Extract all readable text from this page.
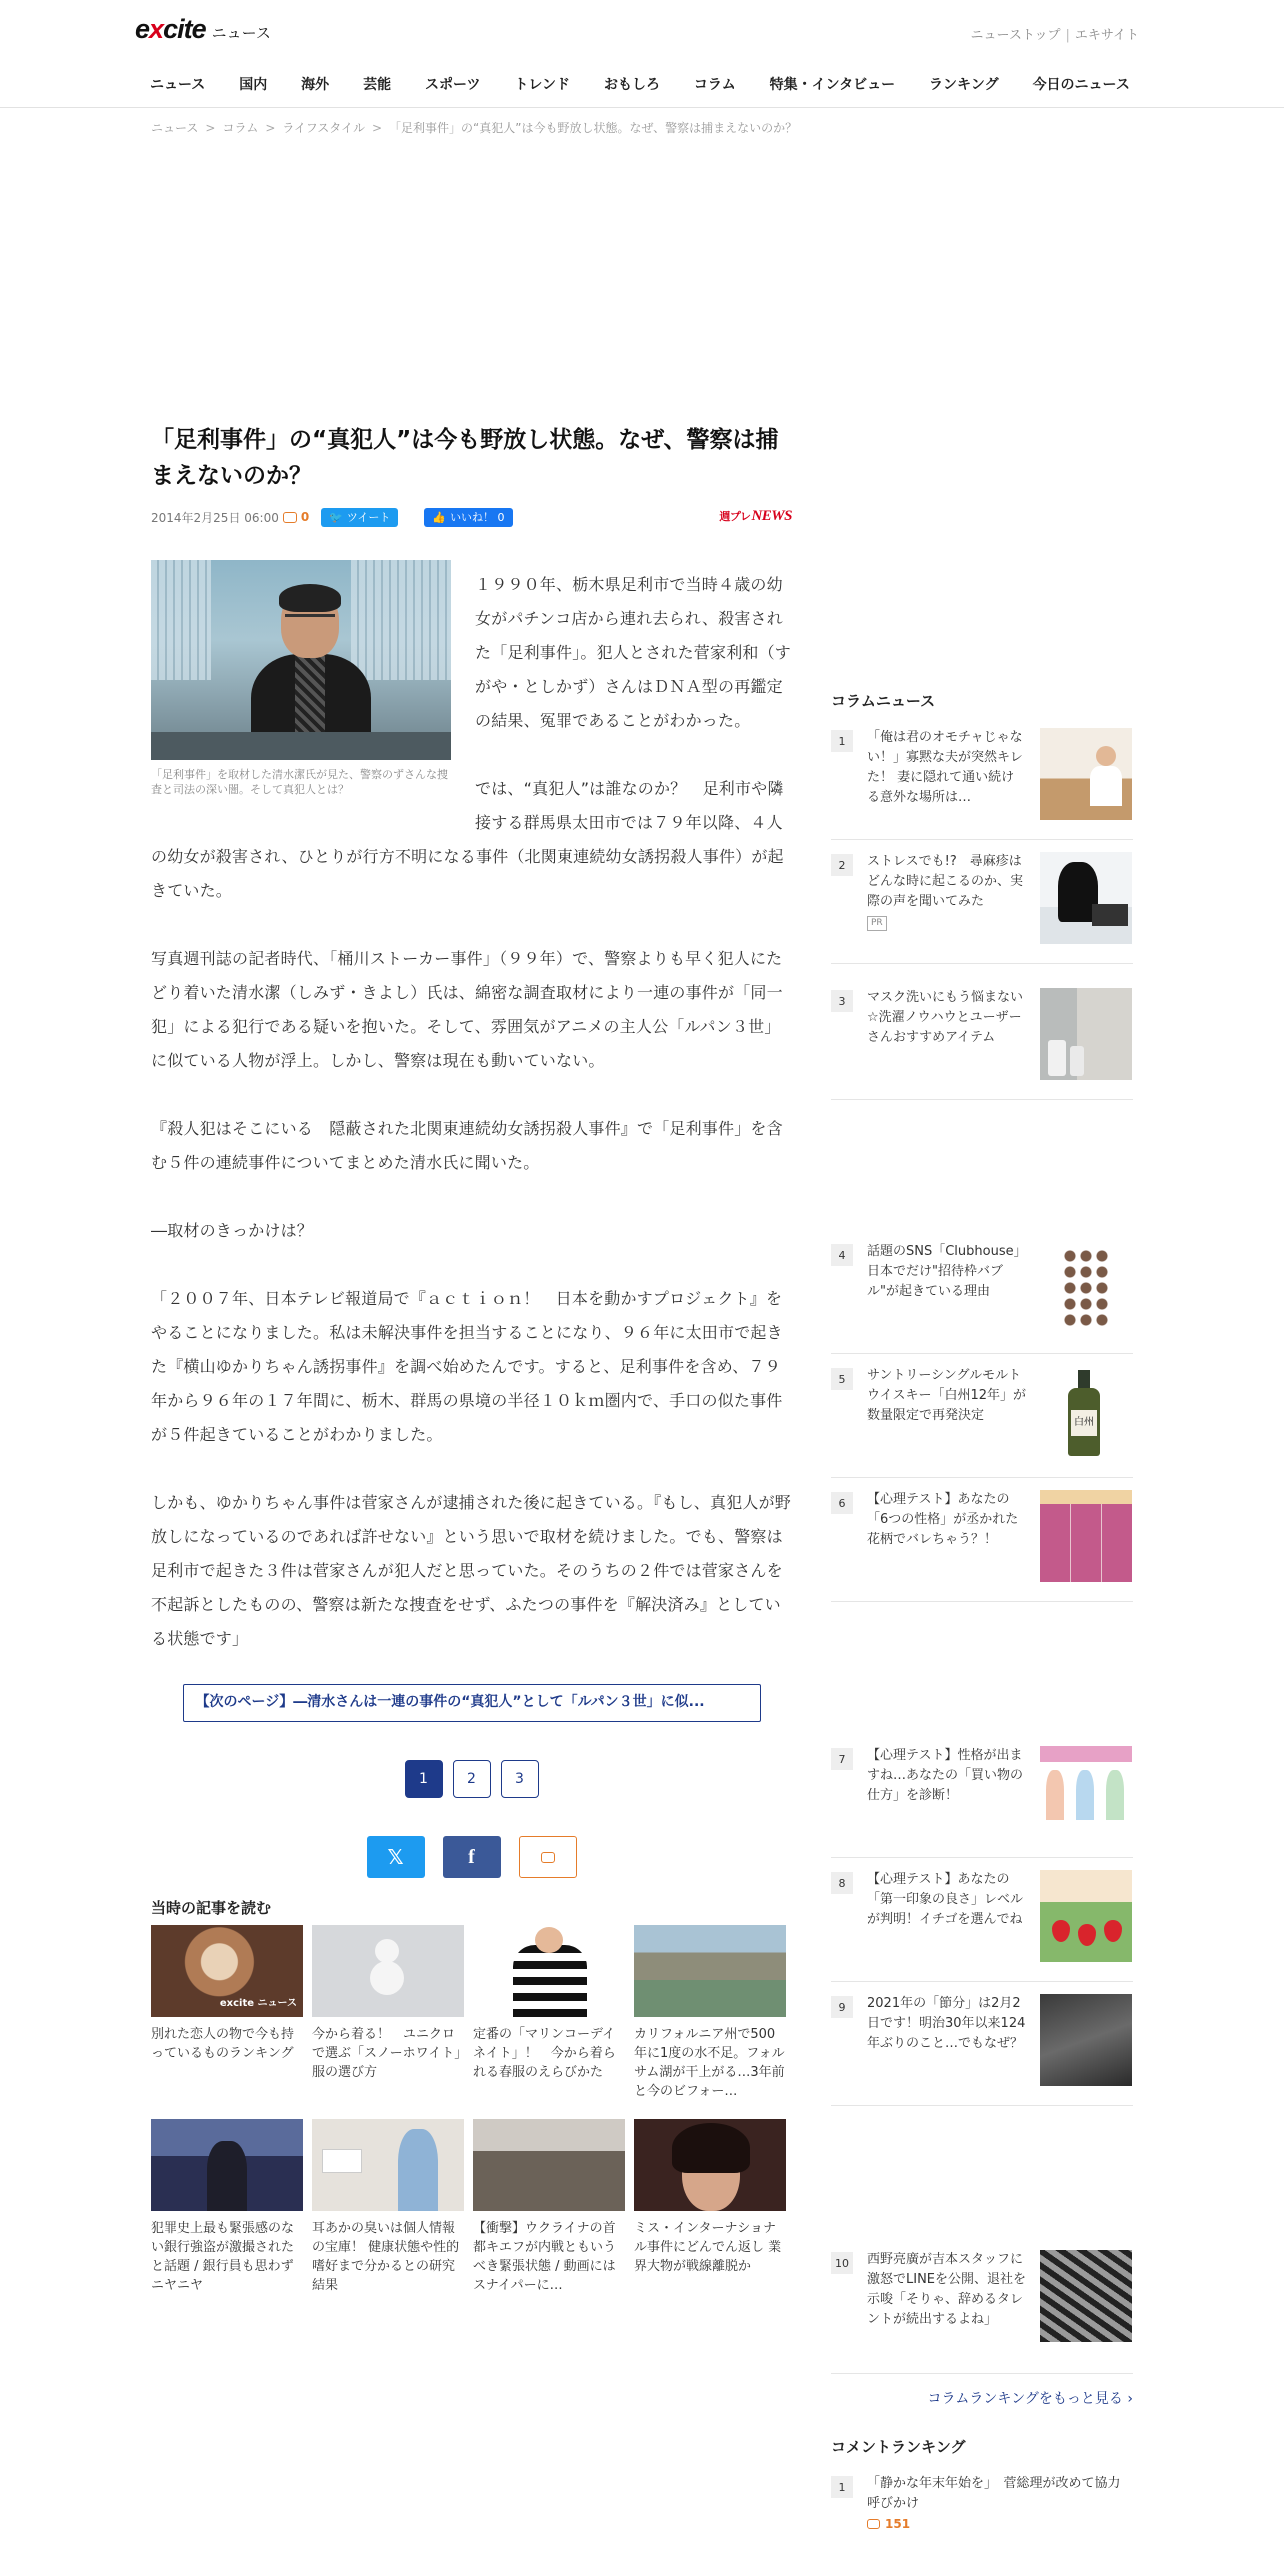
excite ニュース	ニューストップ | エキサイト
ニュース	国内	海外	芸能	スポーツ	トレンド	おもしろ	コラム	特集・インタビュー	ランキング	今日のニュース
ニュース > コラム > ライフスタイル > 「足利事件」の“真犯人”は今も野放し状態。なぜ、警察は捕まえないのか？
「足利事件」の“真犯人”は今も野放し状態。なぜ、警察は捕まえないのか？
2014年2月25日 06:00 0 🐦 ツイート	👍 いいね！ 0	週プレNEWS

「足利事件」を取材した清水潔氏が見た、警察のずさんな捜査と司法の深い闇。そして真犯人とは？

１９９０年、栃木県足利市で当時４歳の幼女がパチンコ店から連れ去られ、殺害された「足利事件」。犯人とされた菅家利和（すがや・としかず）さんはＤＮＡ型の再鑑定の結果、冤罪であることがわかった。

では、“真犯人”は誰なのか？　足利市や隣接する群馬県太田市では７９年以降、４人の幼女が殺害され、ひとりが行方不明になる事件（北関東連続幼女誘拐殺人事件）が起きていた。

写真週刊誌の記者時代、「桶川ストーカー事件」（９９年）で、警察よりも早く犯人にたどり着いた清水潔（しみず・きよし）氏は、綿密な調査取材により一連の事件が「同一犯」による犯行である疑いを抱いた。そして、雰囲気がアニメの主人公「ルパン３世」に似ている人物が浮上。しかし、警察は現在も動いていない。

『殺人犯はそこにいる　隠蔽された北関東連続幼女誘拐殺人事件』で「足利事件」を含む５件の連続事件についてまとめた清水氏に聞いた。

―取材のきっかけは？

「２００７年、日本テレビ報道局で『ａｃｔｉｏｎ！　日本を動かすプロジェクト』をやることになりました。私は未解決事件を担当することになり、９６年に太田市で起きた『横山ゆかりちゃん誘拐事件』を調べ始めたんです。すると、足利事件を含め、７９年から９６年の１７年間に、栃木、群馬の県境の半径１０ｋｍ圏内で、手口の似た事件が５件起きていることがわかりました。

しかも、ゆかりちゃん事件は菅家さんが逮捕された後に起きている。『もし、真犯人が野放しになっているのであれば許せない』という思いで取材を続けました。でも、警察は足利市で起きた３件は菅家さんが犯人だと思っていた。そのうちの２件では菅家さんを不起訴としたものの、警察は新たな捜査をせず、ふたつの事件を『解決済み』としている状態です」

【次のページ】―清水さんは一連の事件の“真犯人”として「ルパン３世」に似...
1	2	3
𝕏	f
当時の記事を読む
excite ニュース

別れた恋人の物で今も持っているものランキング

今から着る！　ユニクロで選ぶ「スノーホワイト」服の選び方

定番の「マリンコーデイネイト」！　今から着られる春服のえらびかた

カリフォルニア州で500年に1度の水不足。フォルサム湖が干上がる…3年前と今のビフォー…

犯罪史上最も緊張感のない銀行強盗が激撮されたと話題 / 銀行員も思わずニヤニヤ

耳あかの臭いは個人情報の宝庫！ 健康状態や性的嗜好まで分かるとの研究結果

【衝撃】ウクライナの首都キエフが内戦ともいうべき緊張状態 / 動画にはスナイパーに…

ミス・インターナショナル事件にどんでん返し 業界大物が戦線離脱か

コラムニュース
1	「俺は君のオモチャじゃない！」寡黙な夫が突然キレた！ 妻に隠れて通い続ける意外な場所は…

2	ストレスでも!?　尋麻疹はどんな時に起こるのか、実際の声を聞いてみた

PR
3	マスク洗いにもう悩まない☆洗濯ノウハウとユーザーさんおすすめアイテム

4	話題のSNS「Clubhouse」日本でだけ"招待枠バブル"が起きている理由

5	サントリーシングルモルトウイスキー「白州12年」が数量限定で再発決定	白州
6	【心理テスト】あなたの「6つの性格」が丞かれた花柄でバレちゃう？！

7	【心理テスト】性格が出ますね…あなたの「買い物の仕方」を診断！

8	【心理テスト】あなたの「第一印象の良さ」レベルが判明！イチゴを選んでね

9	2021年の「節分」は2月2日です！明治30年以来124年ぶりのこと…でもなぜ？

10	西野亮廣が吉本スタッフに激怒でLINEを公開、退社を示唆「そりゃ、辞めるタレントが続出するよね」

コラムランキングをもっと見る ›
コメントランキング
1	「静かな年末年始を」　菅総理が改めて協力呼びかけ

151
